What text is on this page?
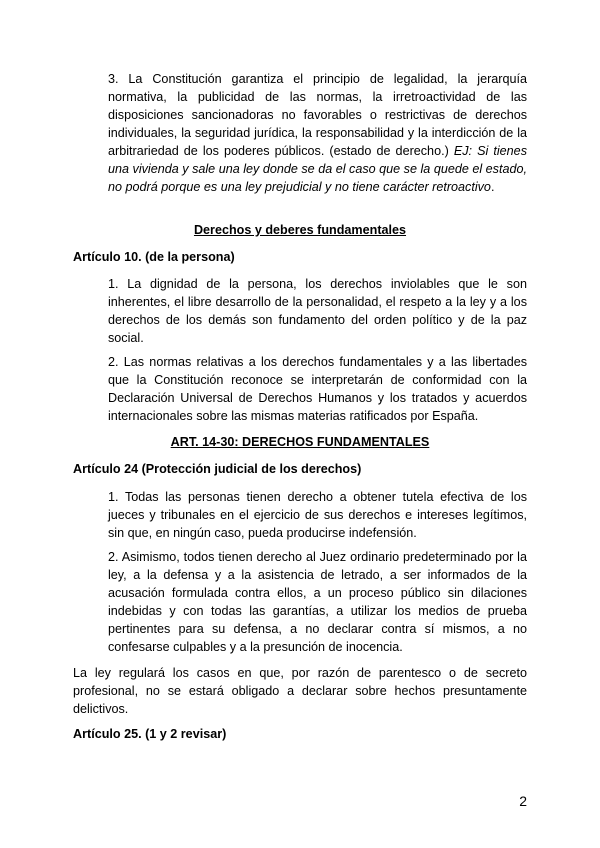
3. La Constitución garantiza el principio de legalidad, la jerarquía normativa, la publicidad de las normas, la irretroactividad de las disposiciones sancionadoras no favorables o restrictivas de derechos individuales, la seguridad jurídica, la responsabilidad y la interdicción de la arbitrariedad de los poderes públicos. (estado de derecho.) EJ: Si tienes una vivienda y sale una ley donde se da el caso que se la quede el estado, no podrá porque es una ley prejudicial y no tiene carácter retroactivo.

Derechos y deberes fundamentales

Artículo 10. (de la persona)

1. La dignidad de la persona, los derechos inviolables que le son inherentes, el libre desarrollo de la personalidad, el respeto a la ley y a los derechos de los demás son fundamento del orden político y de la paz social.

2. Las normas relativas a los derechos fundamentales y a las libertades que la Constitución reconoce se interpretarán de conformidad con la Declaración Universal de Derechos Humanos y los tratados y acuerdos internacionales sobre las mismas materias ratificados por España.

ART. 14-30: DERECHOS FUNDAMENTALES

Artículo 24 (Protección judicial de los derechos)

1. Todas las personas tienen derecho a obtener tutela efectiva de los jueces y tribunales en el ejercicio de sus derechos e intereses legítimos, sin que, en ningún caso, pueda producirse indefensión.

2. Asimismo, todos tienen derecho al Juez ordinario predeterminado por la ley, a la defensa y a la asistencia de letrado, a ser informados de la acusación formulada contra ellos, a un proceso público sin dilaciones indebidas y con todas las garantías, a utilizar los medios de prueba pertinentes para su defensa, a no declarar contra sí mismos, a no confesarse culpables y a la presunción de inocencia.

La ley regulará los casos en que, por razón de parentesco o de secreto profesional, no se estará obligado a declarar sobre hechos presuntamente delictivos.

Artículo 25. (1 y 2 revisar)

2
